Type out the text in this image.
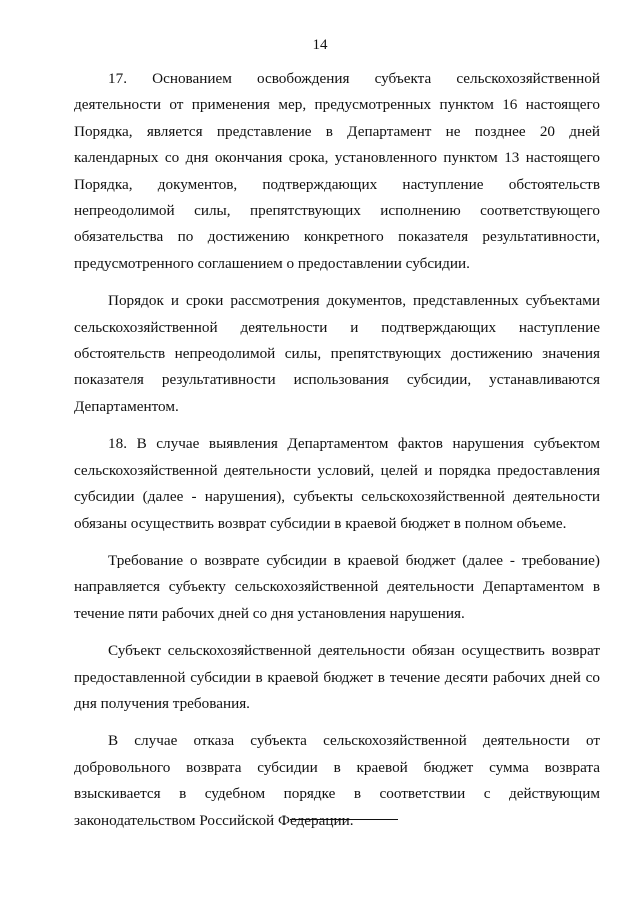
14

17. Основанием освобождения субъекта сельскохозяйственной деятельности от применения мер, предусмотренных пунктом 16 настоящего Порядка, является представление в Департамент не позднее 20 дней календарных со дня окончания срока, установленного пунктом 13 настоящего Порядка, документов, подтверждающих наступление обстоятельств непреодолимой силы, препятствующих исполнению соответствующего обязательства по достижению конкретного показателя результативности, предусмотренного соглашением о предоставлении субсидии.

Порядок и сроки рассмотрения документов, представленных субъектами сельскохозяйственной деятельности и подтверждающих наступление обстоятельств непреодолимой силы, препятствующих достижению значения показателя результативности использования субсидии, устанавливаются Департаментом.

18. В случае выявления Департаментом фактов нарушения субъектом сельскохозяйственной деятельности условий, целей и порядка предоставления субсидии (далее - нарушения), субъекты сельскохозяйственной деятельности обязаны осуществить возврат субсидии в краевой бюджет в полном объеме.

Требование о возврате субсидии в краевой бюджет (далее - требование) направляется субъекту сельскохозяйственной деятельности Департаментом в течение пяти рабочих дней со дня установления нарушения.

Субъект сельскохозяйственной деятельности обязан осуществить возврат предоставленной субсидии в краевой бюджет в течение десяти рабочих дней со дня получения требования.

В случае отказа субъекта сельскохозяйственной деятельности от добровольного возврата субсидии в краевой бюджет сумма возврата взыскивается в судебном порядке в соответствии с действующим законодательством Российской Федерации.
